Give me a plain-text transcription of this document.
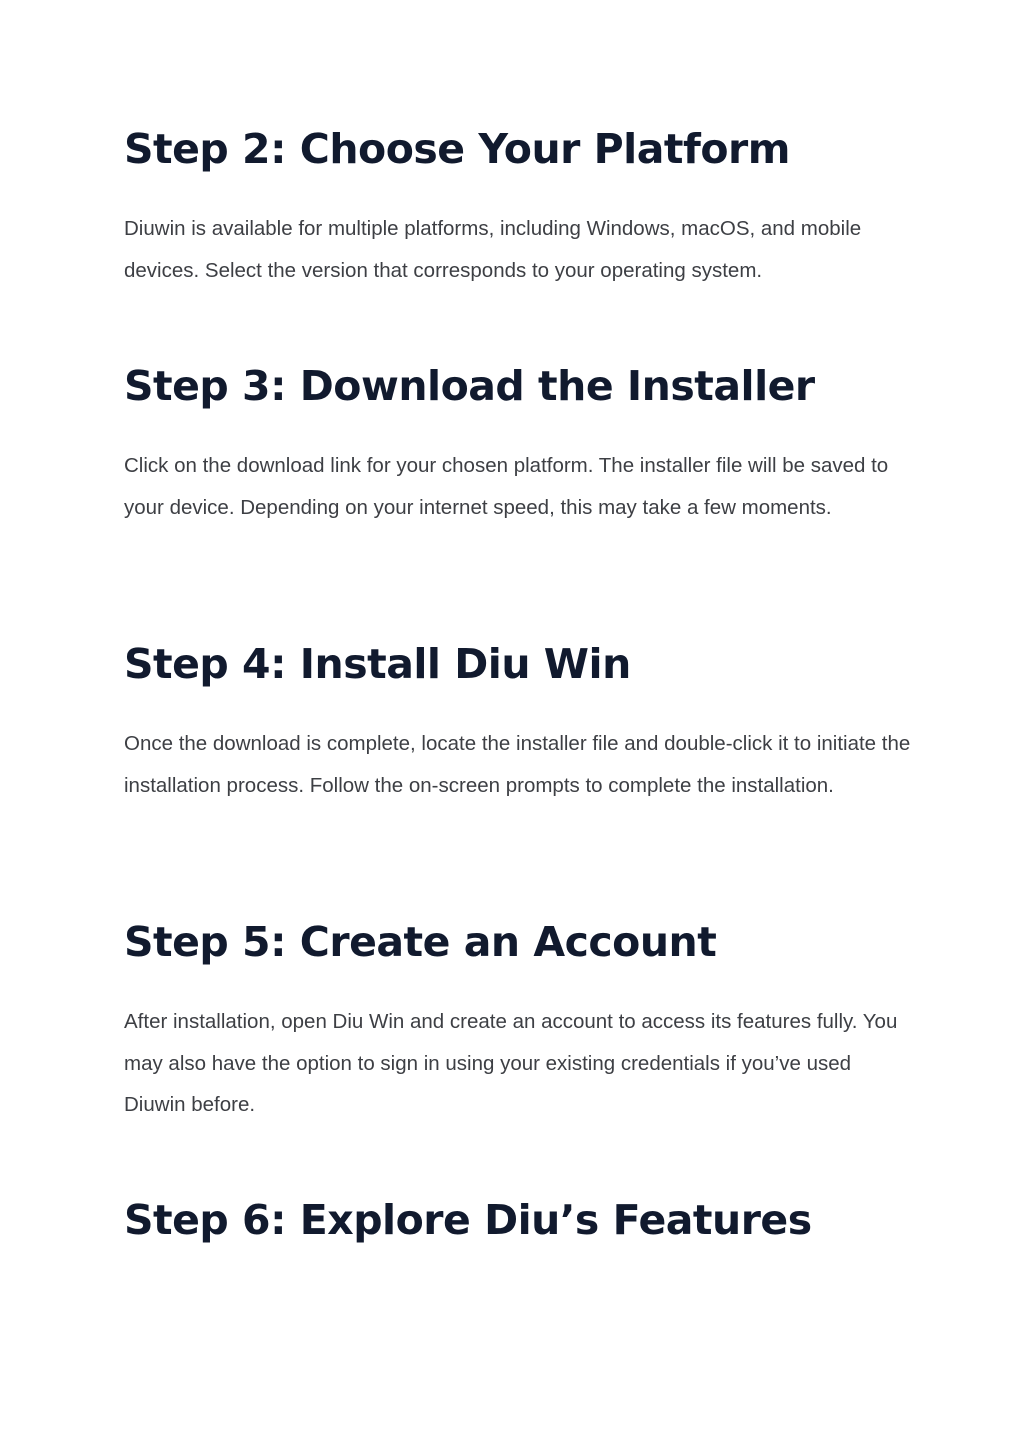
Step 2: Choose Your Platform

Diuwin is available for multiple platforms, including Windows, macOS, and mobile devices. Select the version that corresponds to your operating system.

Step 3: Download the Installer

Click on the download link for your chosen platform. The installer file will be saved to your device. Depending on your internet speed, this may take a few moments.

Step 4: Install Diu Win

Once the download is complete, locate the installer file and double-click it to initiate the installation process. Follow the on-screen prompts to complete the installation.

Step 5: Create an Account

After installation, open Diu Win and create an account to access its features fully. You may also have the option to sign in using your existing credentials if you’ve used Diuwin before.

Step 6: Explore Diu’s Features
